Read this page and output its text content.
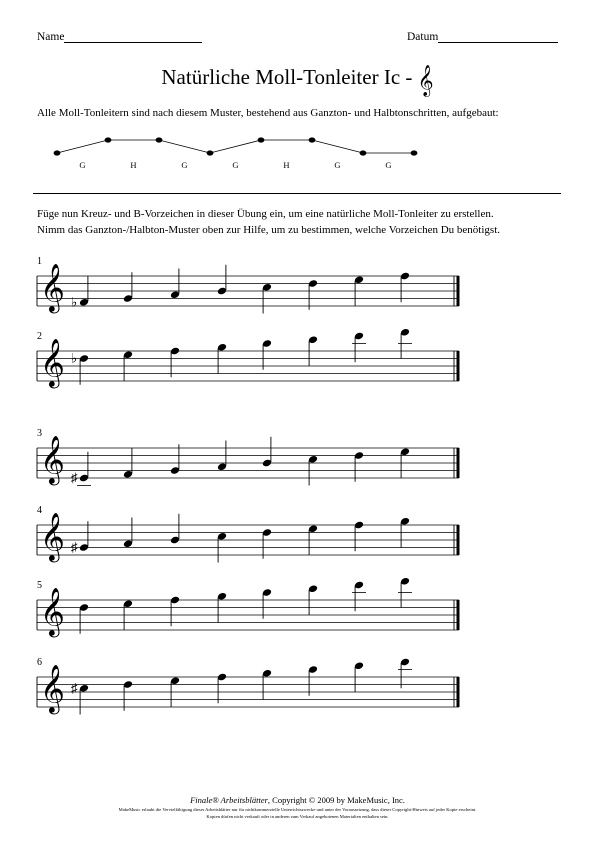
Name	Datum
Natürliche Moll-Tonleiter Ic - 𝄞
Alle Moll-Tonleitern sind nach diesem Muster, bestehend aus Ganzton- und Halbtonschritten, aufgebaut:
G	H	G	G	H	G	G
Füge nun Kreuz- und B-Vorzeichen in dieser Übung ein, um eine natürliche Moll-Tonleiter zu erstellen.
Nimm das Ganzton-/Halbton-Muster oben zur Hilfe, um zu bestimmen, welche Vorzeichen Du benötigst.
1
𝄞 ♭
2
𝄞 ♭
3
𝄞 ♯
4
𝄞 ♯
5
𝄞
6
𝄞 ♯
Finale® Arbeitsblätter, Copyright © 2009 by MakeMusic, Inc.
MakeMusic erlaubt die Vervielfältigung dieser Arbeitsblätter nur für nichtkommerzielle Unterrichtszwecke und unter der Voraussetzung, dass dieser Copyright-Hinweis auf jeder Kopie erscheint.
Kopien dürfen nicht verkauft oder in anderen zum Verkauf angebotenen Materialien enthalten sein.
